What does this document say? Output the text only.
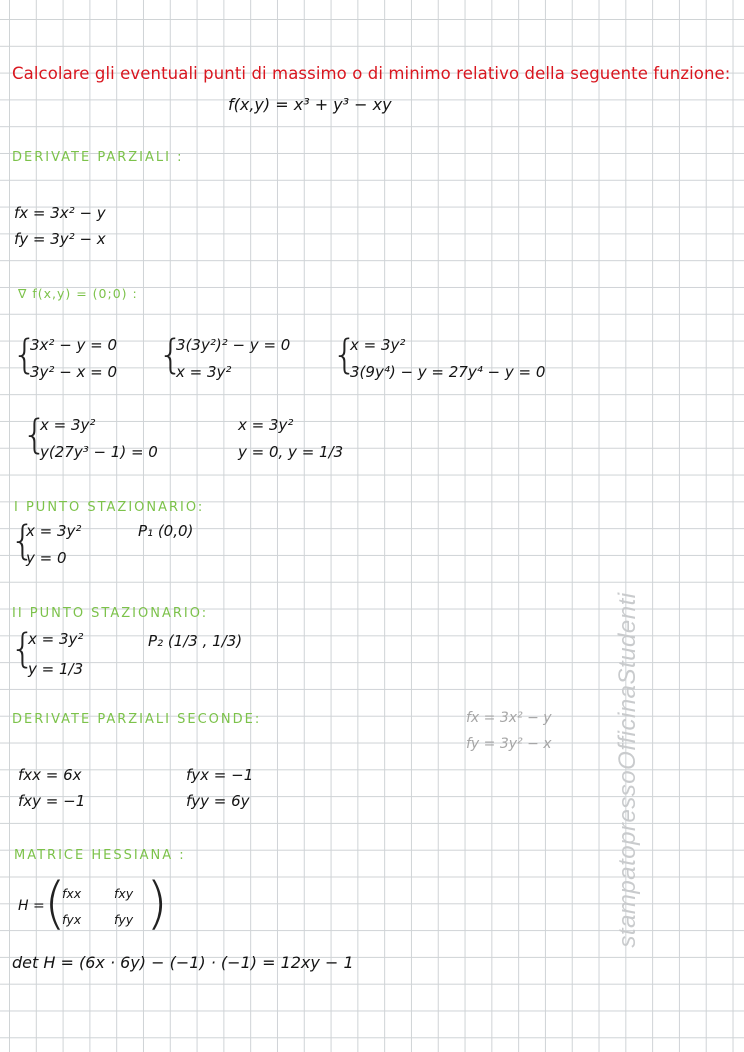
Calcolare gli eventuali punti di massimo o di minimo relativo della seguente funzione:
f(x,y) = x³ + y³ − xy
DERIVATE PARZIALI :
fx = 3x² − y
fy = 3y² − x
∇ f(x,y) = (0;0) :
{
3x² − y = 0
3y² − x = 0 {
3(3y²)² − y = 0
x = 3y²	{
x = 3y²
3(9y⁴) − y = 27y⁴ − y = 0
{
x = 3y²
y(27y³ − 1) = 0
x = 3y²
y = 0, y = 1/3
I PUNTO STAZIONARIO:
{
x = 3y²
y = 0
P₁ (0,0)
II PUNTO STAZIONARIO:
{
x = 3y²
y = 1/3
P₂ (1/3 , 1/3)
DERIVATE PARZIALI SECONDE:	fx = 3x² − y
fy = 3y² − x
fxx = 6x	fyx = −1
fxy = −1	fyy = 6y
MATRICE HESSIANA :
H = (
fxx	fxy
fyx	fyy )
det H = (6x · 6y) − (−1) · (−1) = 12xy − 1
stampatopressoOfficinaStudenti
